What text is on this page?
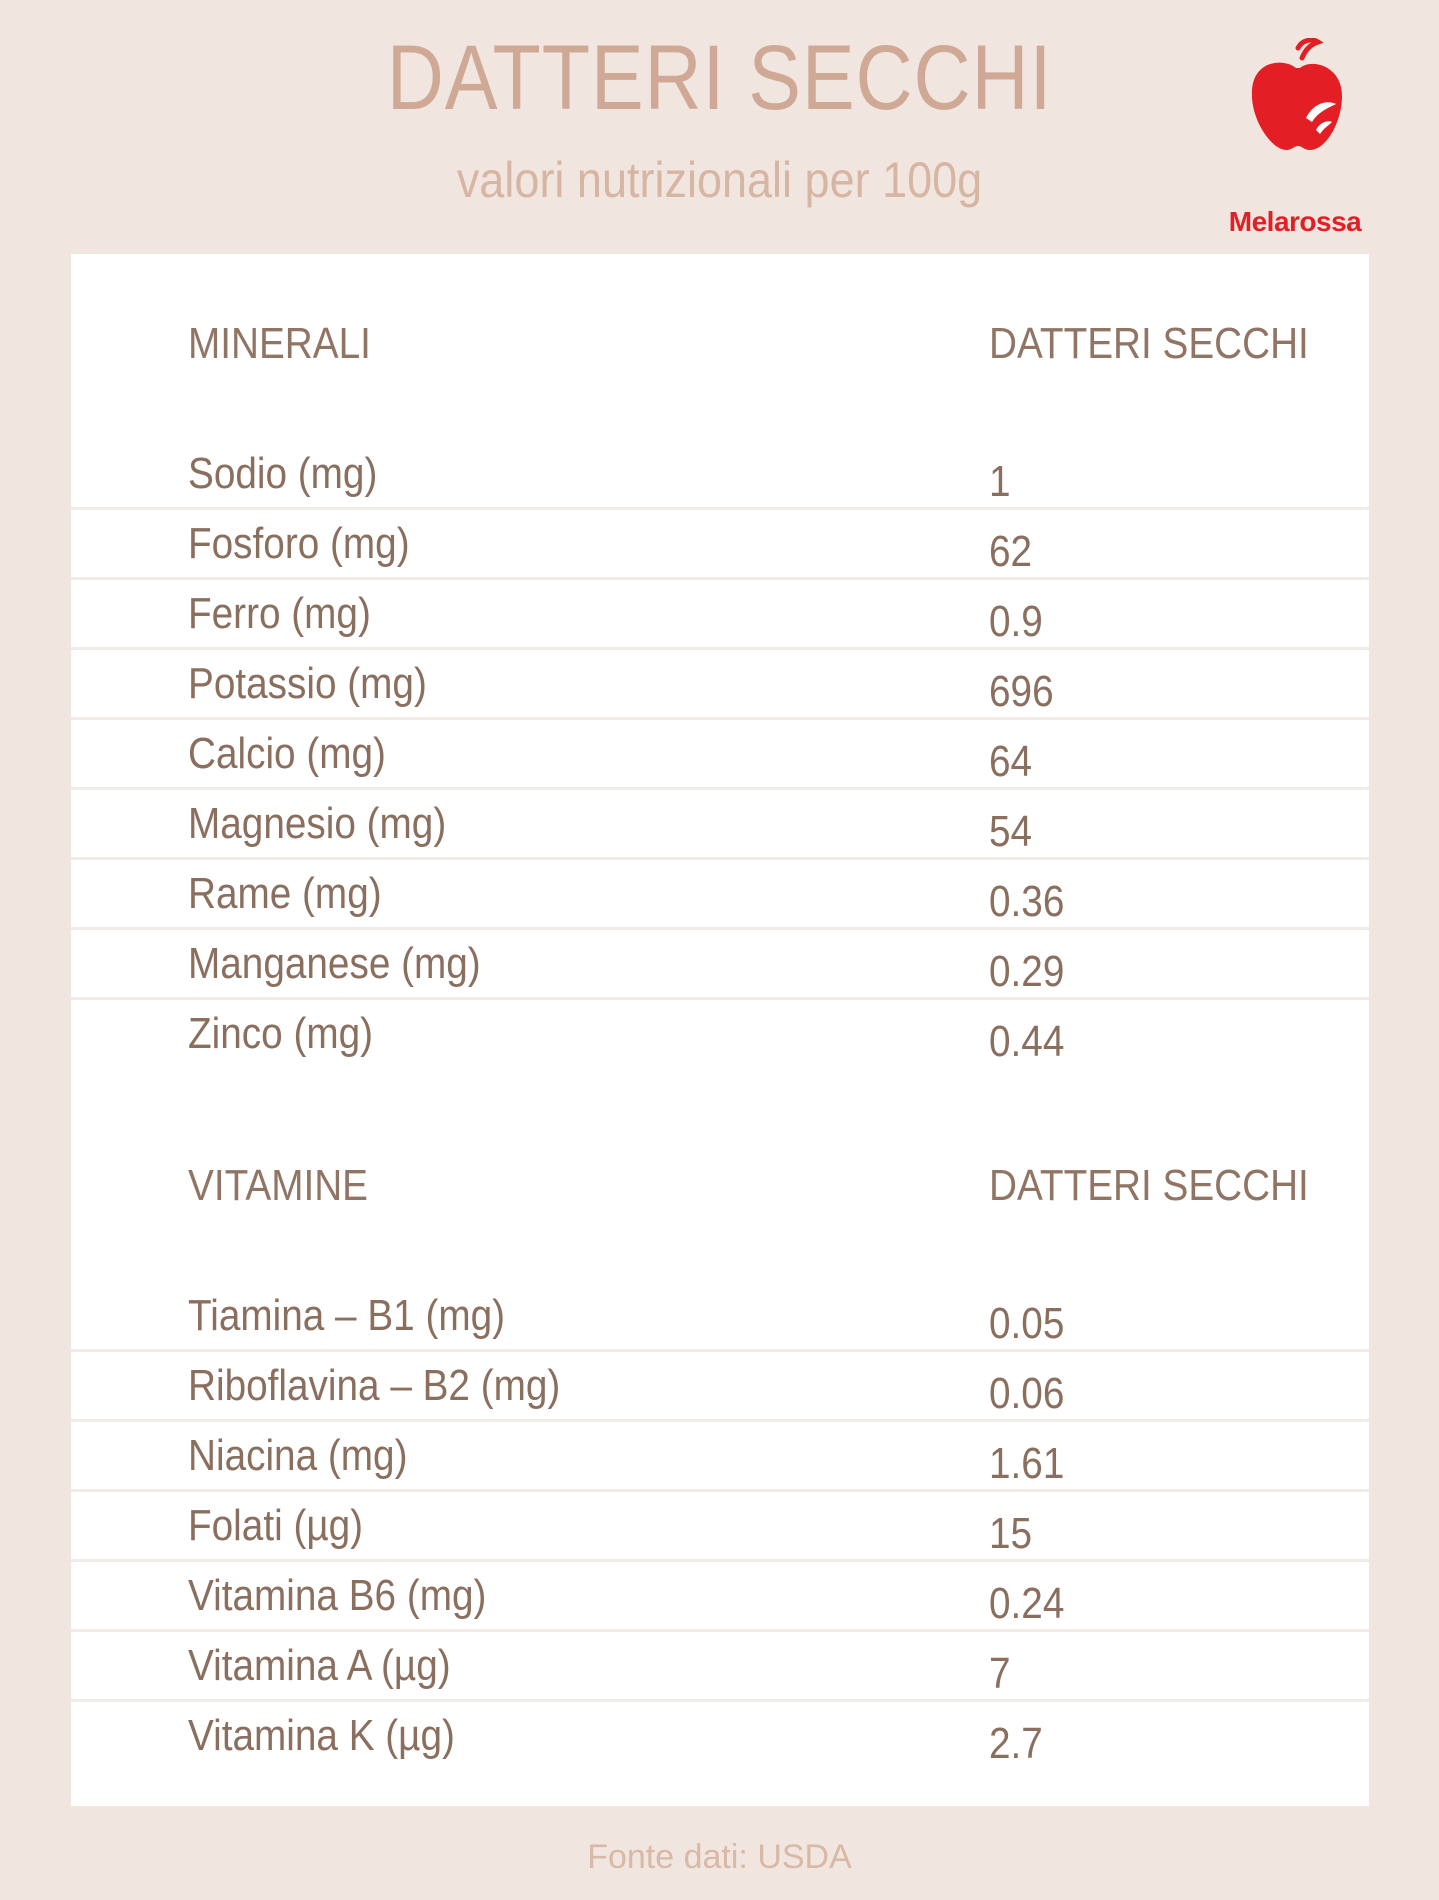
DATTERI SECCHI
valori nutrizionali per 100g
Melarossa
MINERALI	DATTERI SECCHI
Sodio (mg)	1
Fosforo (mg)	62
Ferro (mg)	0.9
Potassio (mg)	696
Calcio (mg)	64
Magnesio (mg)	54
Rame (mg)	0.36
Manganese (mg)	0.29
Zinco (mg)	0.44
VITAMINE	DATTERI SECCHI
Tiamina – B1 (mg)	0.05
Riboflavina – B2 (mg)	0.06
Niacina (mg)	1.61
Folati (µg)	15
Vitamina B6 (mg)	0.24
Vitamina A (µg)	7
Vitamina K (µg)	2.7
Fonte dati: USDA
